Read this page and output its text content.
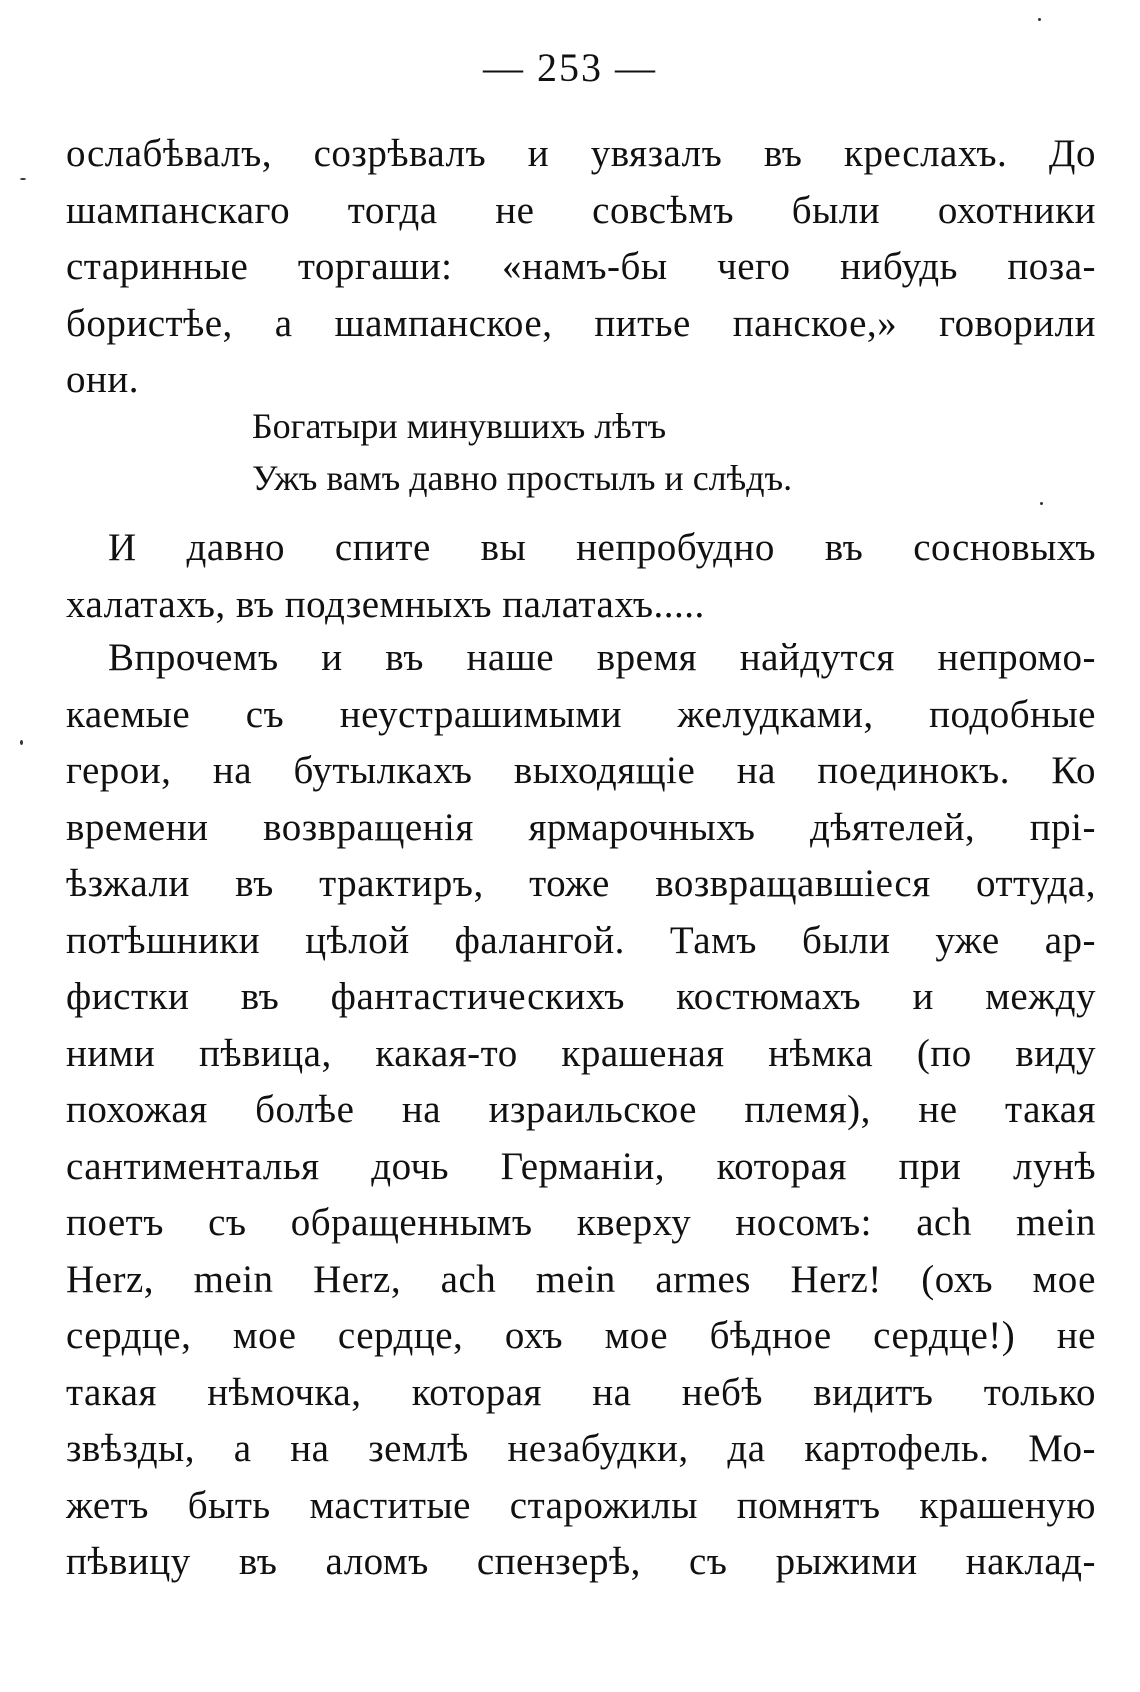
— 253 —
ослабѣвалъ, созрѣвалъ и увязалъ въ креслахъ. До
шампанскаго тогда не совсѣмъ были охотники
старинные торгаши: «намъ-бы чего нибудь поза-
бористѣе, а шампанское, питье панское,» говорили
они.
Богатыри минувшихъ лѣтъ
Ужъ вамъ давно простылъ и слѣдъ.
И давно спите вы непробудно въ сосновыхъ
халатахъ, въ подземныхъ палатахъ.....
Впрочемъ и въ наше время найдутся непромо-
каемые съ неустрашимыми желудками, подобные
герои, на бутылкахъ выходящіе на поединокъ. Ко
времени возвращенія ярмарочныхъ дѣятелей, прі-
ѣзжали въ трактиръ, тоже возвращавшіеся оттуда,
потѣшники цѣлой фалангой. Тамъ были уже ар-
фистки въ фантастическихъ костюмахъ и между
ними пѣвица, какая-то крашеная нѣмка (по виду
похожая болѣе на израильское племя), не такая
сантименталья дочь Германіи, которая при лунѣ
поетъ съ обращеннымъ кверху носомъ: ach mein
Herz, mein Herz, ach mein armes Herz! (охъ мое
сердце, мое сердце, охъ мое бѣдное сердце!) не
такая нѣмочка, которая на небѣ видитъ только
звѣзды, а на землѣ незабудки, да картофель. Мо-
жетъ быть маститые старожилы помнятъ крашеную
пѣвицу въ аломъ спензерѣ, съ рыжими наклад-
